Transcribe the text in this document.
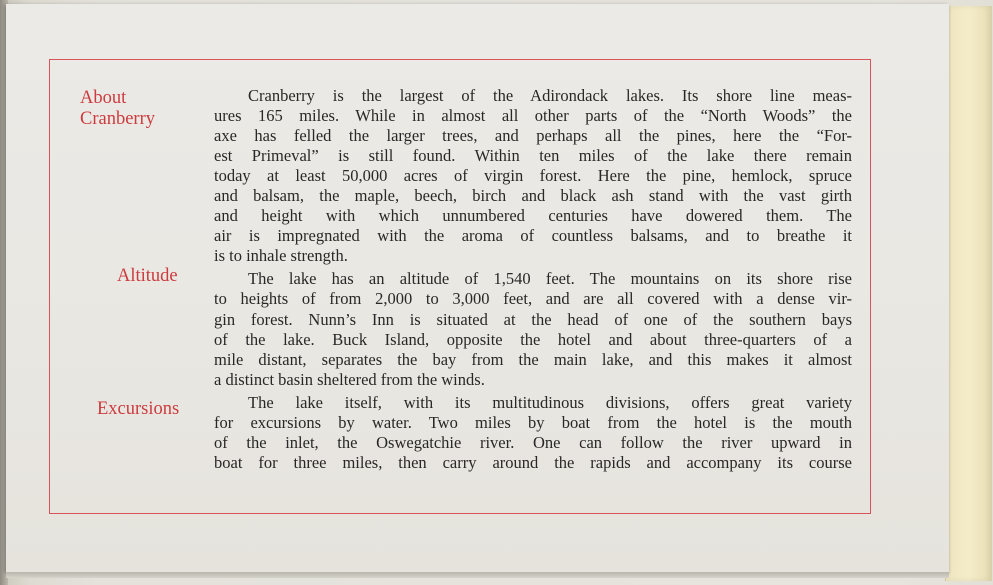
About
Cranberry
Altitude
Excursions
Cranberry is the largest of the Adirondack lakes. Its shore line meas-
ures 165 miles. While in almost all other parts of the “North Woods” the
axe has felled the larger trees, and perhaps all the pines, here the “For-
est Primeval” is still found. Within ten miles of the lake there remain
today at least 50,000 acres of virgin forest. Here the pine, hemlock, spruce
and balsam, the maple, beech, birch and black ash stand with the vast girth
and height with which unnumbered centuries have dowered them. The
air is impregnated with the aroma of countless balsams, and to breathe it
is to inhale strength.
The lake has an altitude of 1,540 feet. The mountains on its shore rise
to heights of from 2,000 to 3,000 feet, and are all covered with a dense vir-
gin forest. Nunn’s Inn is situated at the head of one of the southern bays
of the lake. Buck Island, opposite the hotel and about three-quarters of a
mile distant, separates the bay from the main lake, and this makes it almost
a distinct basin sheltered from the winds.
The lake itself, with its multitudinous divisions, offers great variety
for excursions by water. Two miles by boat from the hotel is the mouth
of the inlet, the Oswegatchie river. One can follow the river upward in
boat for three miles, then carry around the rapids and accompany its course
